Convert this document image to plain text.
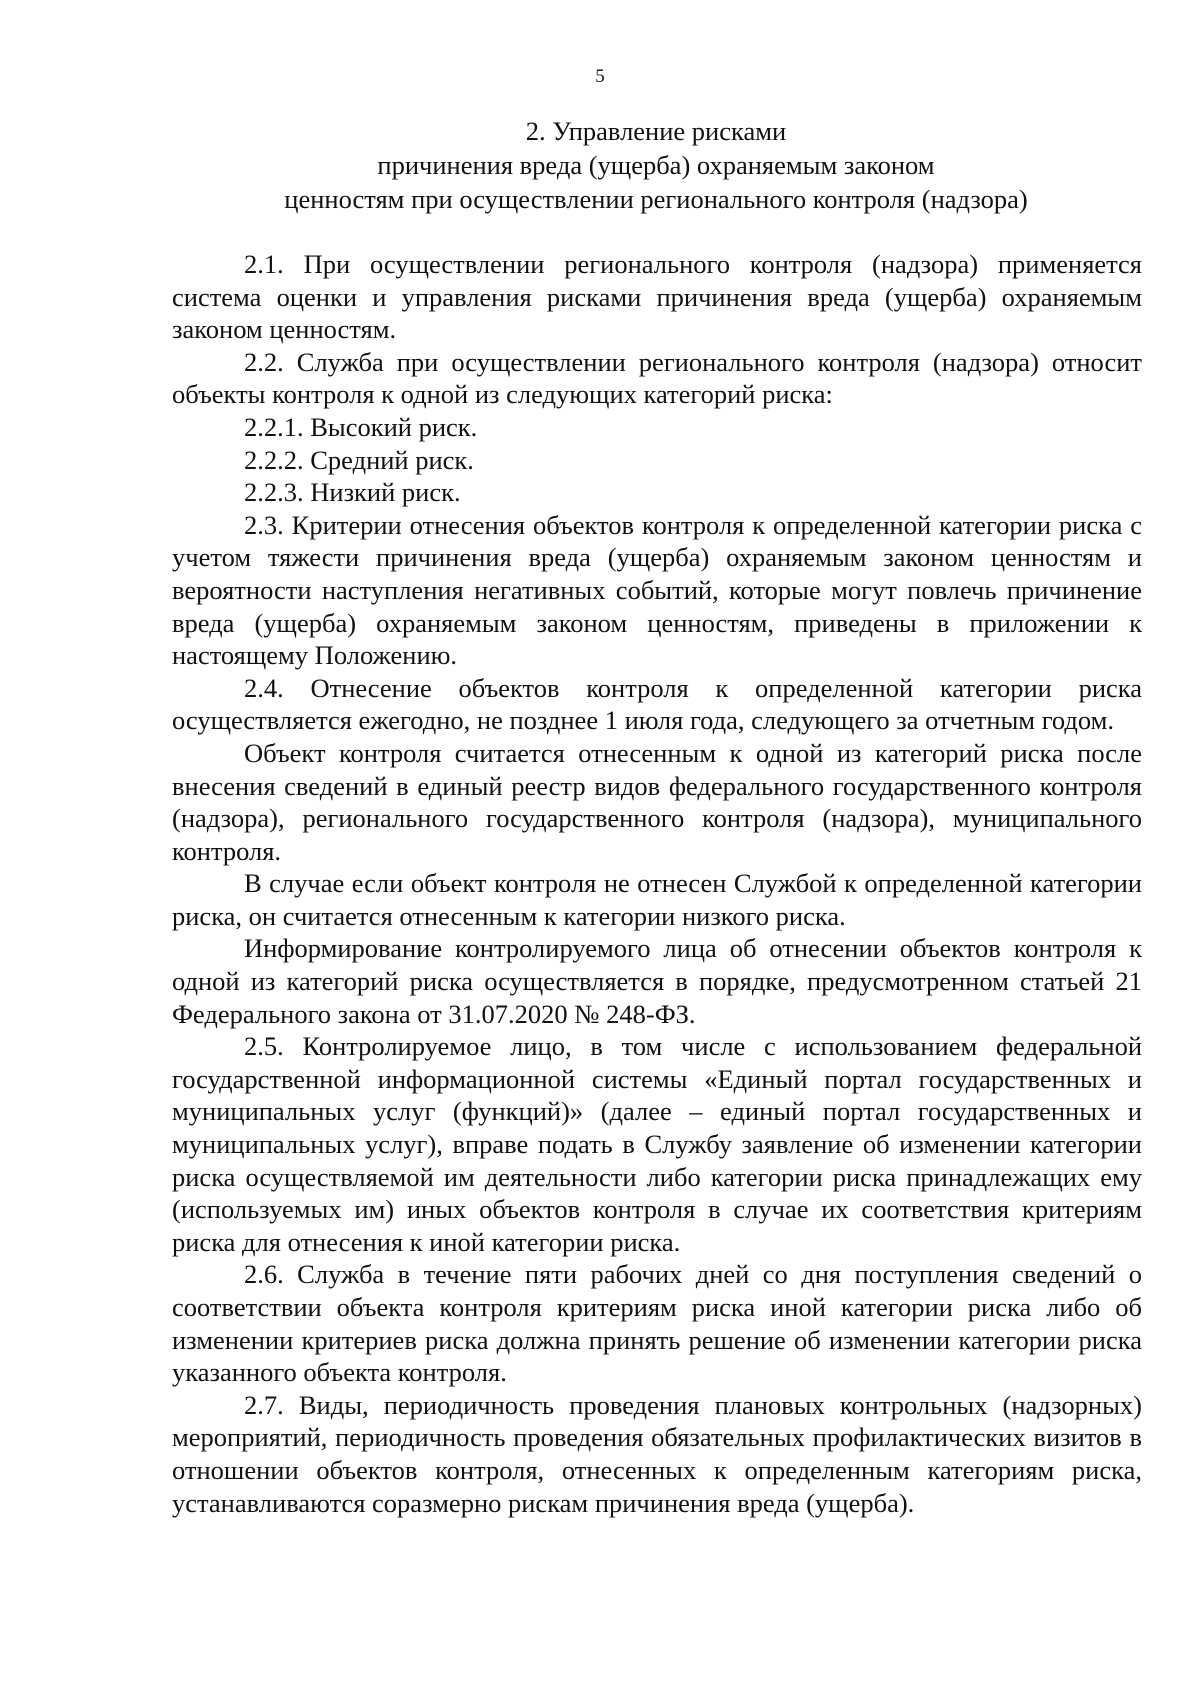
5
2. Управление рисками
причинения вреда (ущерба) охраняемым законом
ценностям при осуществлении регионального контроля (надзора)

2.1. При осуществлении регионального контроля (надзора) применяется система оценки и управления рисками причинения вреда (ущерба) охраняемым законом ценностям.

2.2. Служба при осуществлении регионального контроля (надзора) относит объекты контроля к одной из следующих категорий риска:

2.2.1. Высокий риск.

2.2.2. Средний риск.

2.2.3. Низкий риск.

2.3. Критерии отнесения объектов контроля к определенной категории риска с учетом тяжести причинения вреда (ущерба) охраняемым законом ценностям и вероятности наступления негативных событий, которые могут повлечь причинение вреда (ущерба) охраняемым законом ценностям, приведены в приложении к настоящему Положению.

2.4. Отнесение объектов контроля к определенной категории риска осуществляется ежегодно, не позднее 1 июля года, следующего за отчетным годом.

Объект контроля считается отнесенным к одной из категорий риска после внесения сведений в единый реестр видов федерального государственного контроля (надзора), регионального государственного контроля (надзора), муниципального контроля.

В случае если объект контроля не отнесен Службой к определенной категории риска, он считается отнесенным к категории низкого риска.

Информирование контролируемого лица об отнесении объектов контроля к одной из категорий риска осуществляется в порядке, предусмотренном статьей 21 Федерального закона от 31.07.2020 № 248-ФЗ.

2.5. Контролируемое лицо, в том числе с использованием федеральной государственной информационной системы «Единый портал государственных и муниципальных услуг (функций)» (далее – единый портал государственных и муниципальных услуг), вправе подать в Службу заявление об изменении категории риска осуществляемой им деятельности либо категории риска принадлежащих ему (используемых им) иных объектов контроля в случае их соответствия критериям риска для отнесения к иной категории риска.

2.6. Служба в течение пяти рабочих дней со дня поступления сведений о соответствии объекта контроля критериям риска иной категории риска либо об изменении критериев риска должна принять решение об изменении категории риска указанного объекта контроля.

2.7. Виды, периодичность проведения плановых контрольных (надзорных) мероприятий, периодичность проведения обязательных профилактических визитов в отношении объектов контроля, отнесенных к определенным категориям риска, устанавливаются соразмерно рискам причинения вреда (ущерба).
